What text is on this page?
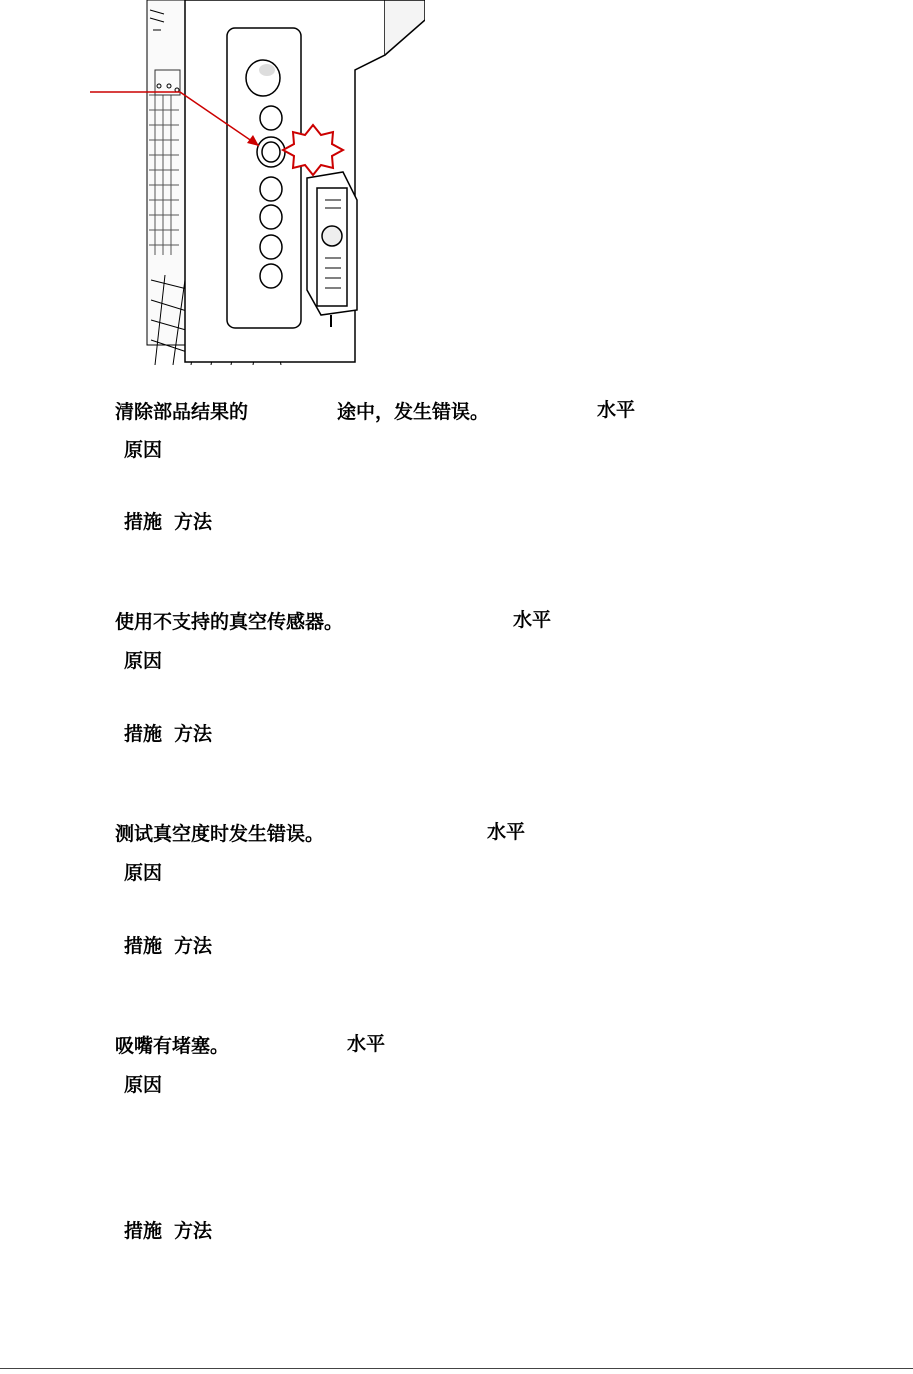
清除部品结果的	途中，发生错误。	水平
原因
措施 方法
使用不支持的真空传感器。	水平
原因
措施 方法
测试真空度时发生错误。	水平
原因
措施 方法
吸嘴有堵塞。	水平
原因
措施 方法
